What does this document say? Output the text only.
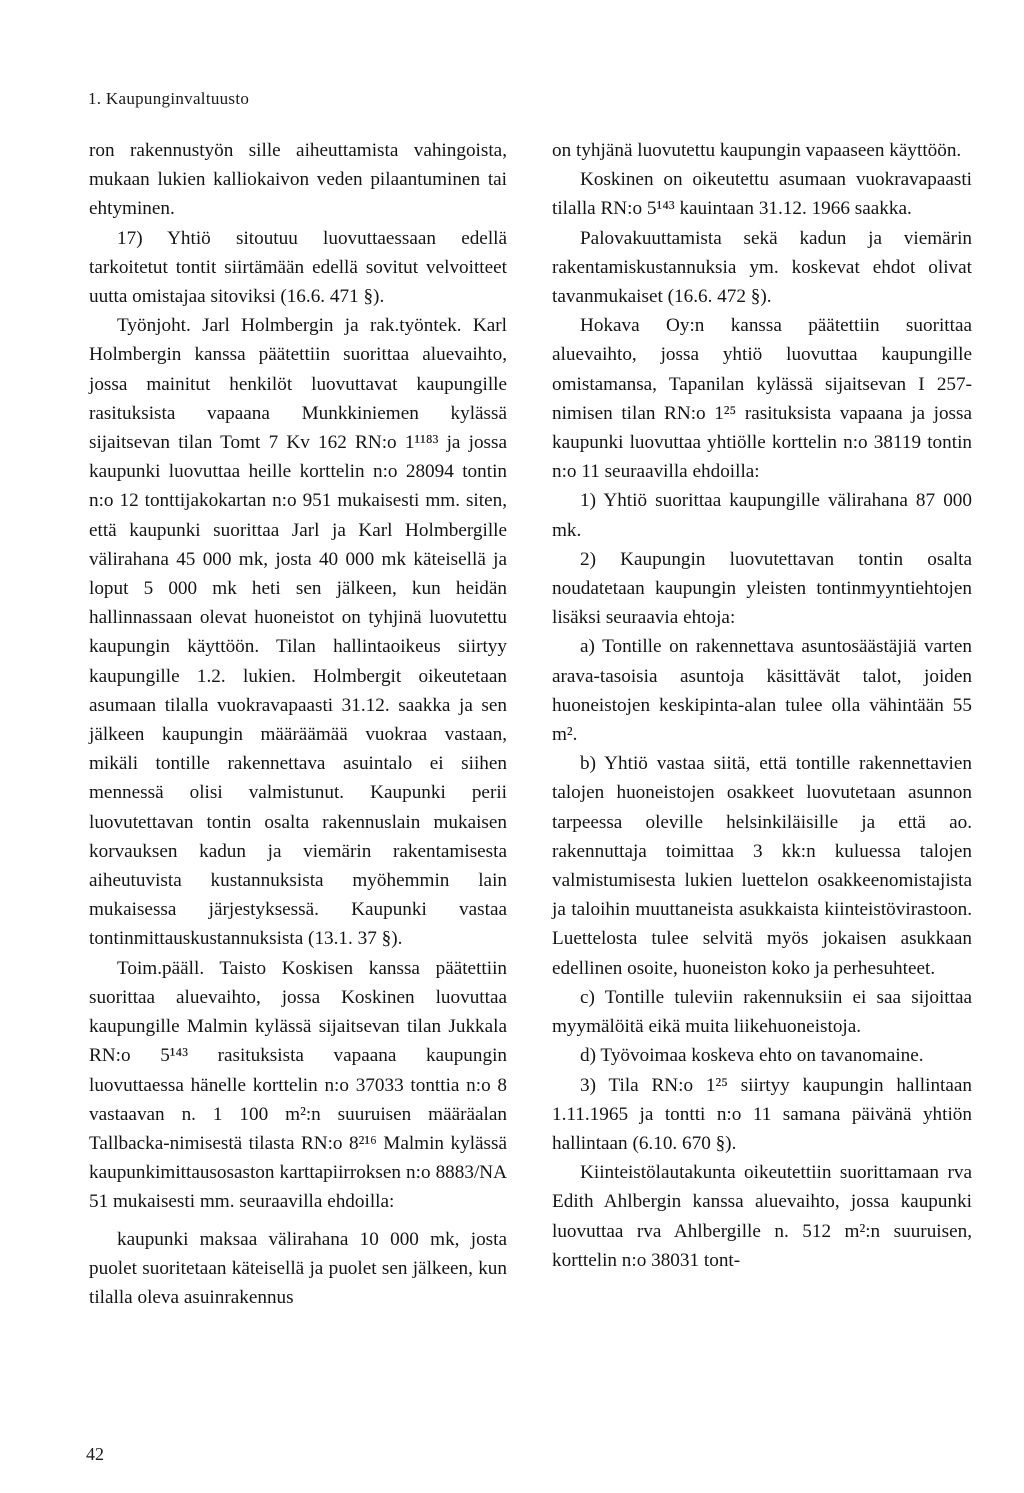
1. Kaupunginvaltuusto

ron rakennustyön sille aiheuttamista vahingoista, mukaan lukien kalliokaivon veden pilaantuminen tai ehtyminen.

17) Yhtiö sitoutuu luovuttaessaan edellä tarkoitetut tontit siirtämään edellä sovitut velvoitteet uutta omistajaa sitoviksi (16.6. 471 §).

Työnjoht. Jarl Holmbergin ja rak.työntek. Karl Holmbergin kanssa päätettiin suorittaa aluevaihto, jossa mainitut henkilöt luovuttavat kaupungille rasituksista vapaana Munkkiniemen kylässä sijaitsevan tilan Tomt 7 Kv 162 RN:o 1¹¹⁸³ ja jossa kaupunki luovuttaa heille korttelin n:o 28094 tontin n:o 12 tonttijakokartan n:o 951 mukaisesti mm. siten, että kaupunki suorittaa Jarl ja Karl Holmbergille välirahana 45 000 mk, josta 40 000 mk käteisellä ja loput 5 000 mk heti sen jälkeen, kun heidän hallinnassaan olevat huoneistot on tyhjinä luovutettu kaupungin käyttöön. Tilan hallintaoikeus siirtyy kaupungille 1.2. lukien. Holmbergit oikeutetaan asumaan tilalla vuokravapaasti 31.12. saakka ja sen jälkeen kaupungin määräämää vuokraa vastaan, mikäli tontille rakennettava asuintalo ei siihen mennessä olisi valmistunut. Kaupunki perii luovutettavan tontin osalta rakennuslain mukaisen korvauksen kadun ja viemärin rakentamisesta aiheutuvista kustannuksista myöhemmin lain mukaisessa järjestyksessä. Kaupunki vastaa tontinmittauskustannuksista (13.1. 37 §).

Toim.pääll. Taisto Koskisen kanssa päätettiin suorittaa aluevaihto, jossa Koskinen luovuttaa kaupungille Malmin kylässä sijaitsevan tilan Jukkala RN:o 5¹⁴³ rasituksista vapaana kaupungin luovuttaessa hänelle korttelin n:o 37033 tonttia n:o 8 vastaavan n. 1 100 m²:n suuruisen määräalan Tallbacka-nimisestä tilasta RN:o 8²¹⁶ Malmin kylässä kaupunkimittausosaston karttapiirroksen n:o 8883/NA 51 mukaisesti mm. seuraavilla ehdoilla:

kaupunki maksaa välirahana 10 000 mk, josta puolet suoritetaan käteisellä ja puolet sen jälkeen, kun tilalla oleva asuinrakennus

on tyhjänä luovutettu kaupungin vapaaseen käyttöön.

Koskinen on oikeutettu asumaan vuokravapaasti tilalla RN:o 5¹⁴³ kauintaan 31.12. 1966 saakka.

Palovakuuttamista sekä kadun ja viemärin rakentamiskustannuksia ym. koskevat ehdot olivat tavanmukaiset (16.6. 472 §).

Hokava Oy:n kanssa päätettiin suorittaa aluevaihto, jossa yhtiö luovuttaa kaupungille omistamansa, Tapanilan kylässä sijaitsevan I 257-nimisen tilan RN:o 1²⁵ rasituksista vapaana ja jossa kaupunki luovuttaa yhtiölle korttelin n:o 38119 tontin n:o 11 seuraavilla ehdoilla:

1) Yhtiö suorittaa kaupungille välirahana 87 000 mk.

2) Kaupungin luovutettavan tontin osalta noudatetaan kaupungin yleisten tontinmyyntiehtojen lisäksi seuraavia ehtoja:

a) Tontille on rakennettava asuntosäästäjiä varten arava-tasoisia asuntoja käsittävät talot, joiden huoneistojen keskipinta-alan tulee olla vähintään 55 m².

b) Yhtiö vastaa siitä, että tontille rakennettavien talojen huoneistojen osakkeet luovutetaan asunnon tarpeessa oleville helsinkiläisille ja että ao. rakennuttaja toimittaa 3 kk:n kuluessa talojen valmistumisesta lukien luettelon osakkeenomistajista ja taloihin muuttaneista asukkaista kiinteistövirastoon. Luettelosta tulee selvitä myös jokaisen asukkaan edellinen osoite, huoneiston koko ja perhesuhteet.

c) Tontille tuleviin rakennuksiin ei saa sijoittaa myymälöitä eikä muita liikehuoneistoja.

d) Työvoimaa koskeva ehto on tavanomaine.

3) Tila RN:o 1²⁵ siirtyy kaupungin hallintaan 1.11.1965 ja tontti n:o 11 samana päivänä yhtiön hallintaan (6.10. 670 §).

Kiinteistölautakunta oikeutettiin suorittamaan rva Edith Ahlbergin kanssa aluevaihto, jossa kaupunki luovuttaa rva Ahlbergille n. 512 m²:n suuruisen, korttelin n:o 38031 tont-

42
